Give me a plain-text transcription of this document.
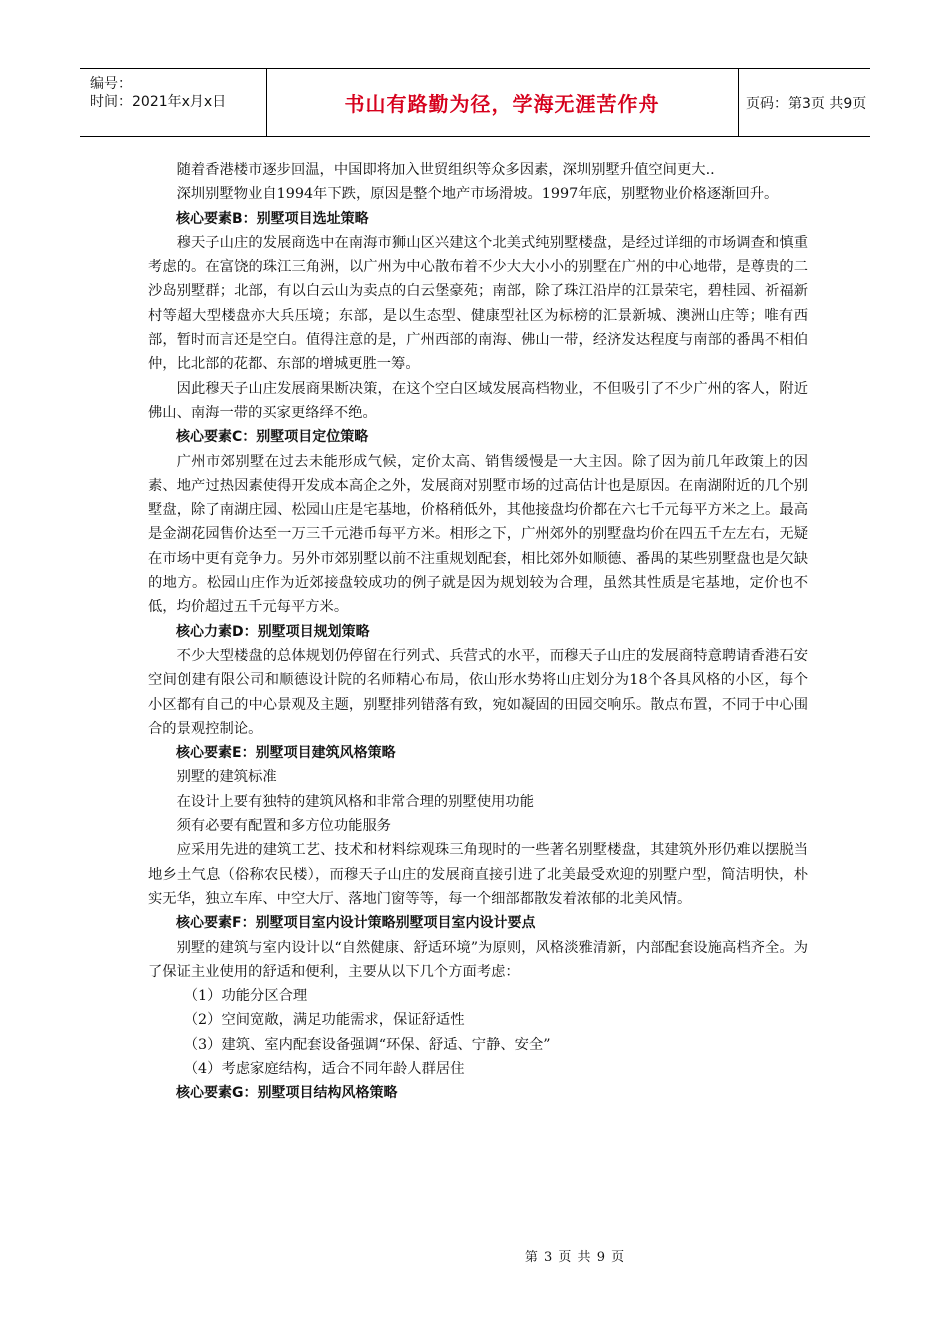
编号：
时间：2021年x月x日	书山有路勤为径，学海无涯苦作舟	页码：第3页 共9页

随着香港楼市逐步回温，中国即将加入世贸组织等众多因素，深圳别墅升值空间更大..

深圳别墅物业自1994年下跌，原因是整个地产市场滑坡。1997年底，别墅物业价格逐渐回升。

核心要素B：别墅项目选址策略

穆天子山庄的发展商选中在南海市狮山区兴建这个北美式纯别墅楼盘，是经过详细的市场调查和慎重考虑的。在富饶的珠江三角洲，以广州为中心散布着不少大大小小的别墅在广州的中心地带，是尊贵的二沙岛别墅群；北部，有以白云山为卖点的白云堡豪苑；南部，除了珠江沿岸的江景荣宅，碧桂园、祈福新村等超大型楼盘亦大兵压境；东部，是以生态型、健康型社区为标榜的汇景新城、澳洲山庄等；唯有西部，暂时而言还是空白。值得注意的是，广州西部的南海、佛山一带，经济发达程度与南部的番禺不相伯仲，比北部的花都、东部的增城更胜一筹。

因此穆天子山庄发展商果断决策，在这个空白区域发展高档物业，不但吸引了不少广州的客人，附近佛山、南海一带的买家更络绎不绝。

核心要素C：别墅项目定位策略

广州市郊别墅在过去未能形成气候，定价太高、销售缓慢是一大主因。除了因为前几年政策上的因素、地产过热因素使得开发成本高企之外，发展商对别墅市场的过高估计也是原因。在南湖附近的几个别墅盘，除了南湖庄园、松园山庄是宅基地，价格稍低外，其他接盘均价都在六七千元每平方米之上。最高是金湖花园售价达至一万三千元港币每平方米。相形之下，广州郊外的别墅盘均价在四五千左左右，无疑在市场中更有竞争力。另外市郊别墅以前不注重规划配套，相比郊外如顺德、番禺的某些别墅盘也是欠缺的地方。松园山庄作为近郊接盘较成功的例子就是因为规划较为合理，虽然其性质是宅基地，定价也不低，均价超过五千元每平方米。

核心力素D：别墅项目规划策略

不少大型楼盘的总体规划仍停留在行列式、兵营式的水平，而穆天子山庄的发展商特意聘请香港石安空间创建有限公司和顺德设计院的名师精心布局，依山形水势将山庄划分为18个各具风格的小区，每个小区都有自己的中心景观及主题，别墅排列错落有致，宛如凝固的田园交响乐。散点布置，不同于中心围合的景观控制论。

核心要素E：别墅项目建筑风格策略

别墅的建筑标准

在设计上要有独特的建筑风格和非常合理的别墅使用功能

须有必要有配置和多方位功能服务

应采用先进的建筑工艺、技术和材料综观珠三角现时的一些著名别墅楼盘，其建筑外形仍难以摆脱当地乡土气息（俗称农民楼），而穆天子山庄的发展商直接引进了北美最受欢迎的别墅户型，简洁明快，朴实无华，独立车库、中空大厅、落地门窗等等，每一个细部都散发着浓郁的北美风情。

核心要素F：别墅项目室内设计策略别墅项目室内设计要点

别墅的建筑与室内设计以“自然健康、舒适环境”为原则，风格淡雅清新，内部配套设施高档齐全。为了保证主业使用的舒适和便利，主要从以下几个方面考虑：

（1）功能分区合理

（2）空间宽敞，满足功能需求，保证舒适性

（3）建筑、室内配套设备强调“环保、舒适、宁静、安全”

（4）考虑家庭结构，适合不同年龄人群居住

核心要素G：别墅项目结构风格策略

第 3 页 共 9 页
